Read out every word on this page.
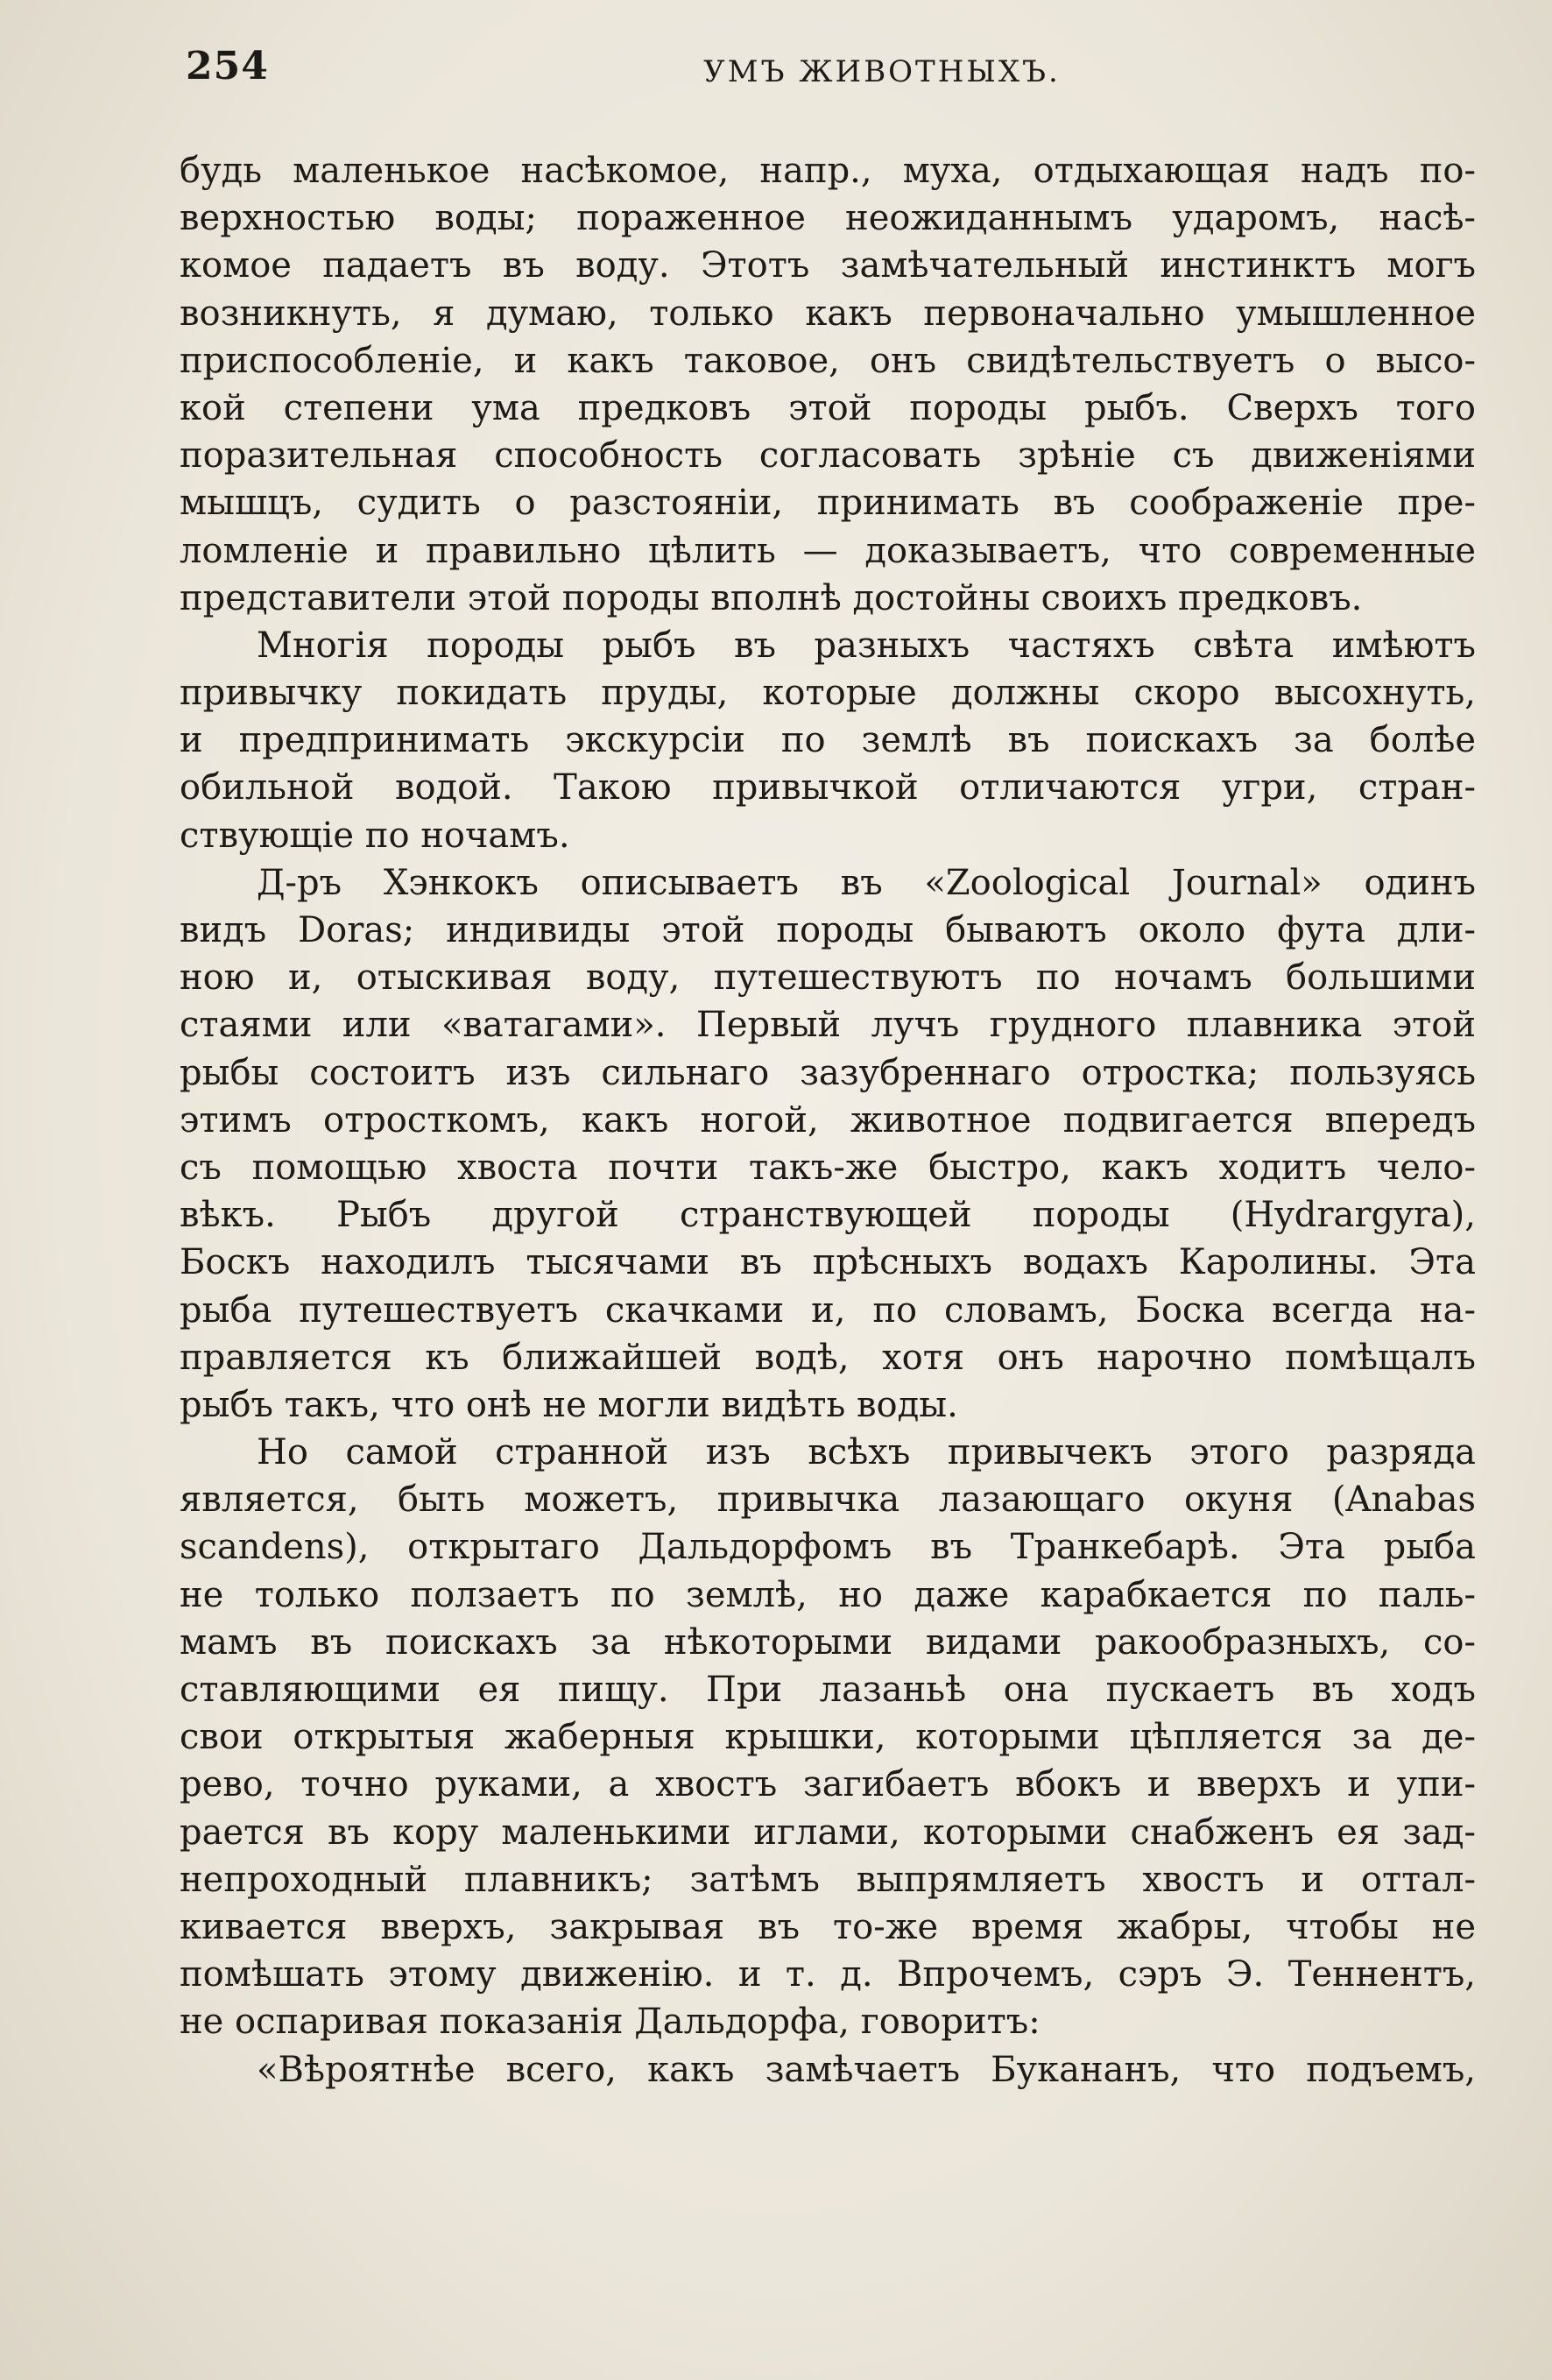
254	УМЪ ЖИВОТНЫХЪ.
будь маленькое насѣкомое, напр., муха, отдыхающая надъ по-
верхностью воды; пораженное неожиданнымъ ударомъ, насѣ-
комое падаетъ въ воду. Этотъ замѣчательный инстинктъ могъ
возникнуть, я думаю, только какъ первоначально умышленное
приспособленіе, и какъ таковое, онъ свидѣтельствуетъ о высо-
кой степени ума предковъ этой породы рыбъ. Сверхъ того
поразительная способность согласовать зрѣніе съ движеніями
мышцъ, судить о разстояніи, принимать въ соображеніе пре-
ломленіе и правильно цѣлить — доказываетъ, что современные
представители этой породы вполнѣ достойны своихъ предковъ.
Многія породы рыбъ въ разныхъ частяхъ свѣта имѣютъ
привычку покидать пруды, которые должны скоро высохнуть,
и предпринимать экскурсіи по землѣ въ поискахъ за болѣе
обильной водой. Такою привычкой отличаются угри, стран-
ствующіе по ночамъ.
Д-ръ Хэнкокъ описываетъ въ «Zoological Journal» одинъ
видъ Doras; индивиды этой породы бываютъ около фута дли-
ною и, отыскивая воду, путешествуютъ по ночамъ большими
стаями или «ватагами». Первый лучъ грудного плавника этой
рыбы состоитъ изъ сильнаго зазубреннаго отростка; пользуясь
этимъ отросткомъ, какъ ногой, животное подвигается впередъ
съ помощью хвоста почти такъ-же быстро, какъ ходитъ чело-
вѣкъ. Рыбъ другой странствующей породы (Hydrargyra),
Боскъ находилъ тысячами въ прѣсныхъ водахъ Каролины. Эта
рыба путешествуетъ скачками и, по словамъ, Боска всегда на-
правляется къ ближайшей водѣ, хотя онъ нарочно помѣщалъ
рыбъ такъ, что онѣ не могли видѣть воды.
Но самой странной изъ всѣхъ привычекъ этого разряда
является, быть можетъ, привычка лазающаго окуня (Anabas
scandens), открытаго Дальдорфомъ въ Транкебарѣ. Эта рыба
не только ползаетъ по землѣ, но даже карабкается по паль-
мамъ въ поискахъ за нѣкоторыми видами ракообразныхъ, со-
ставляющими ея пищу. При лазаньѣ она пускаетъ въ ходъ
свои открытыя жаберныя крышки, которыми цѣпляется за де-
рево, точно руками, а хвостъ загибаетъ вбокъ и вверхъ и упи-
рается въ кору маленькими иглами, которыми снабженъ ея зад-
непроходный плавникъ; затѣмъ выпрямляетъ хвостъ и оттал-
кивается вверхъ, закрывая въ то-же время жабры, чтобы не
помѣшать этому движенію. и т. д. Впрочемъ, сэръ Э. Теннентъ,
не оспаривая показанія Дальдорфа, говоритъ:
«Вѣроятнѣе всего, какъ замѣчаетъ Букананъ, что подъемъ,
